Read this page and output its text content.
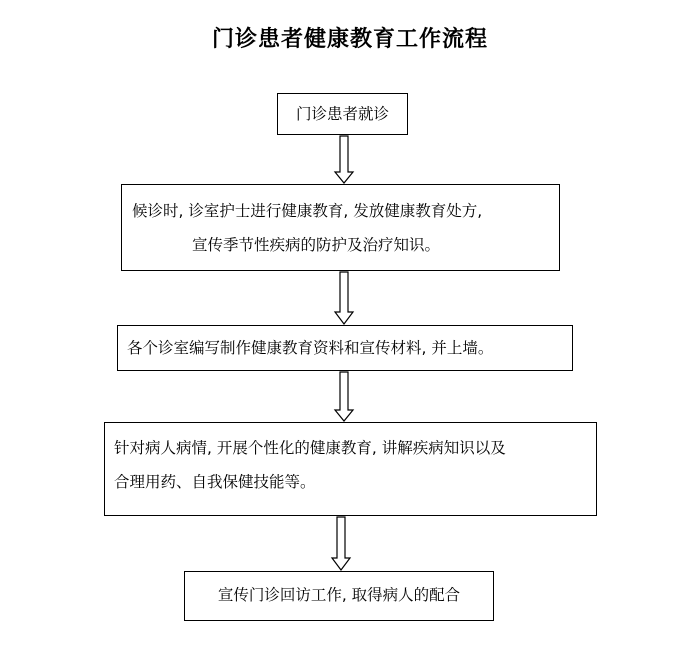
门诊患者健康教育工作流程
门诊患者就诊
候诊时, 诊室护士进行健康教育, 发放健康教育处方,
宣传季节性疾病的防护及治疗知识。
各个诊室编写制作健康教育资料和宣传材料, 并上墙。
针对病人病情, 开展个性化的健康教育, 讲解疾病知识以及
合理用药、自我保健技能等。
宣传门诊回访工作, 取得病人的配合
